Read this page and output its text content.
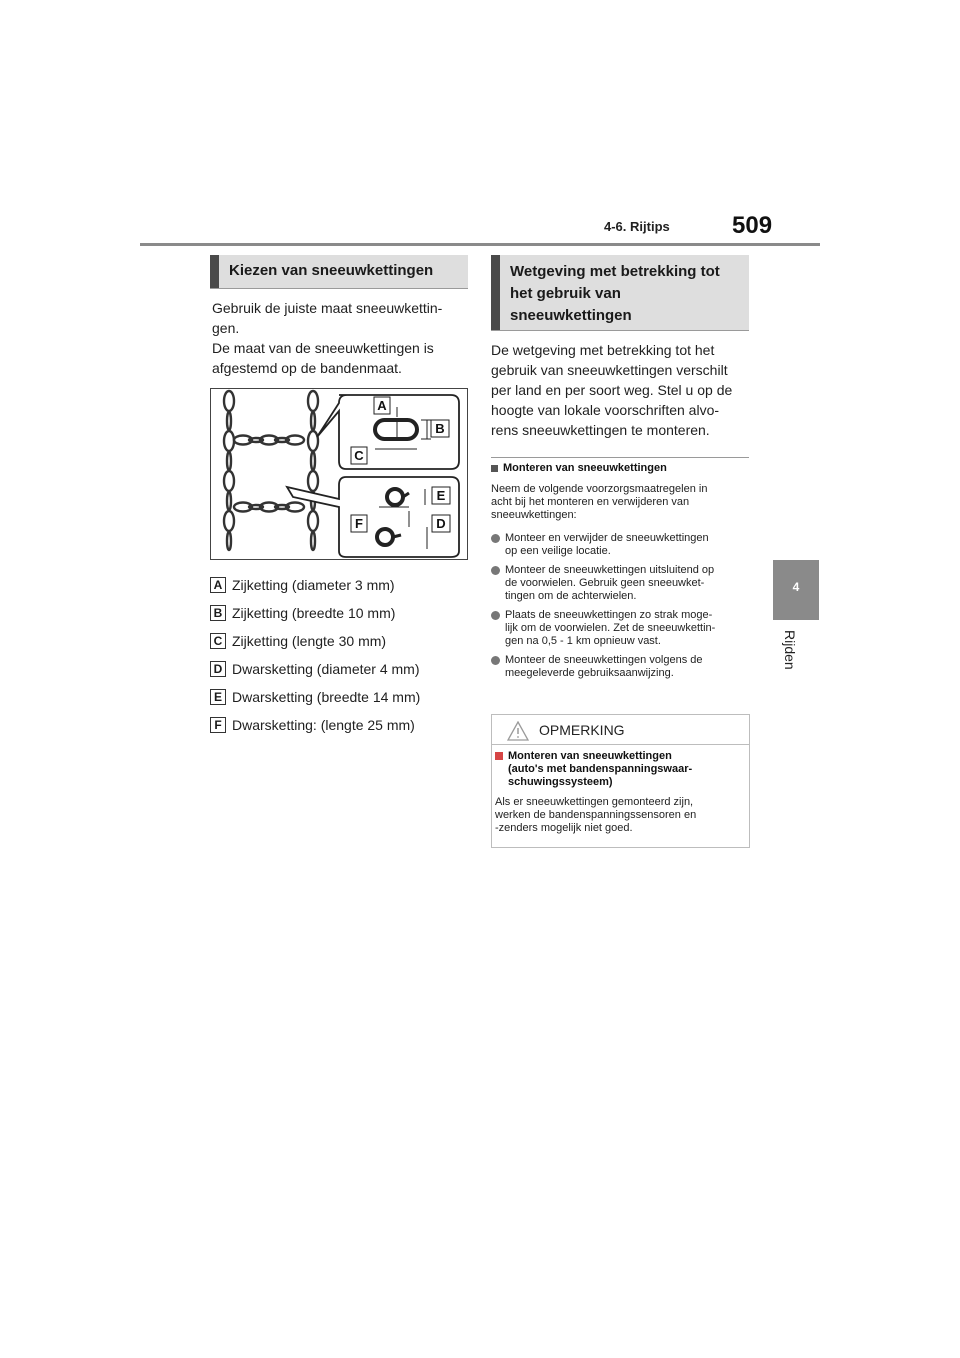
4-6. Rijtips	509
4
Rijden
Kiezen van sneeuwkettingen
Gebruik de juiste maat sneeuwkettin-
gen.
De maat van de sneeuwkettingen is
afgestemd op de bandenmaat.
A
B
C
E
F	D
A Zijketting (diameter 3 mm)
B Zijketting (breedte 10 mm)
C Zijketting (lengte 30 mm)
D Dwarsketting (diameter 4 mm)
E Dwarsketting (breedte 14 mm)
F Dwarsketting: (lengte 25 mm)
Wetgeving met betrekking tot
het gebruik van
sneeuwkettingen
De wetgeving met betrekking tot het
gebruik van sneeuwkettingen verschilt
per land en per soort weg. Stel u op de
hoogte van lokale voorschriften alvo-
rens sneeuwkettingen te monteren.
Monteren van sneeuwkettingen
Neem de volgende voorzorgsmaatregelen in
acht bij het monteren en verwijderen van
sneeuwkettingen:
Monteer en verwijder de sneeuwkettingen
op een veilige locatie.
Monteer de sneeuwkettingen uitsluitend op
de voorwielen. Gebruik geen sneeuwket-
tingen om de achterwielen.
Plaats de sneeuwkettingen zo strak moge-
lijk om de voorwielen. Zet de sneeuwkettin-
gen na 0,5 - 1 km opnieuw vast.
Monteer de sneeuwkettingen volgens de
meegeleverde gebruiksaanwijzing.
OPMERKING
Monteren van sneeuwkettingen
(auto's met bandenspanningswaar-
schuwingssysteem)
Als er sneeuwkettingen gemonteerd zijn,
werken de bandenspanningssensoren en
-zenders mogelijk niet goed.
